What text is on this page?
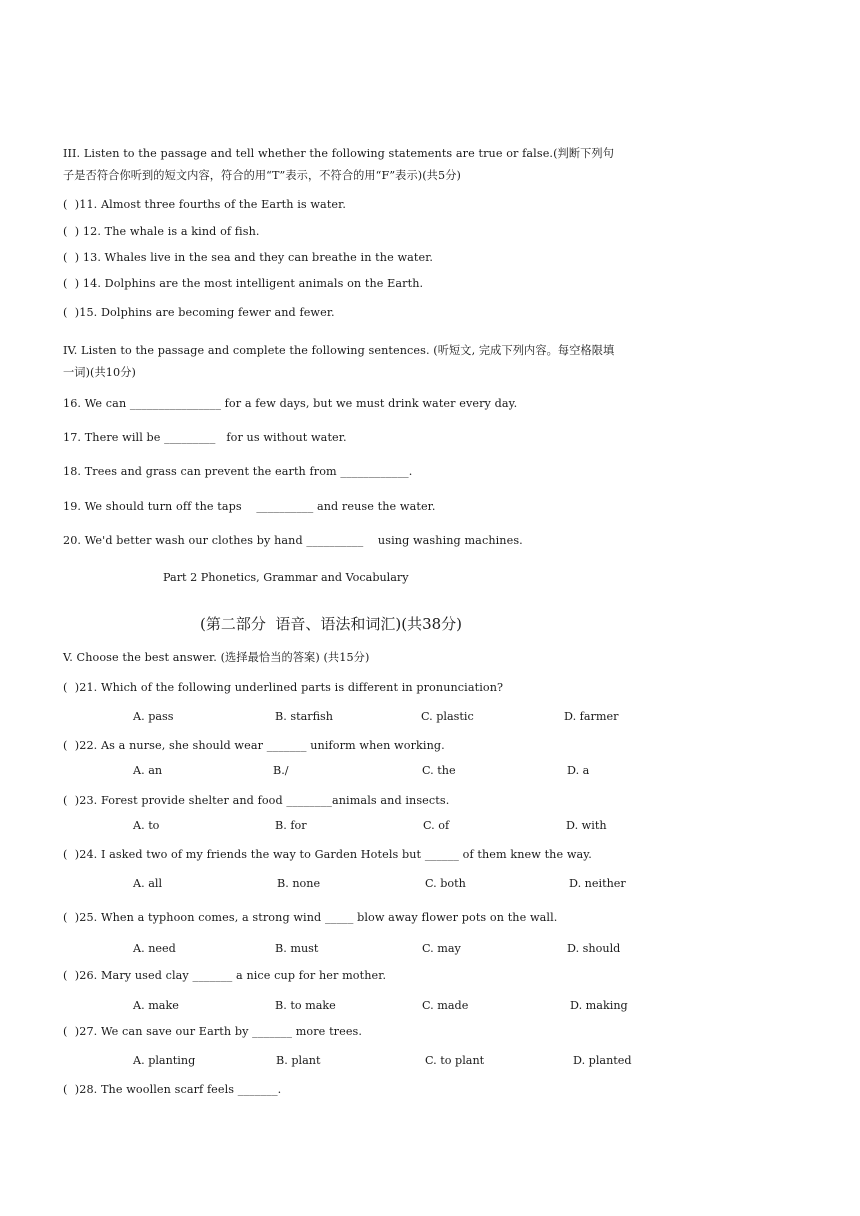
III. Listen to the passage and tell whether the following statements are true or false.(判断下列句
子是否符合你听到的短文内容，符合的用“T”表示，不符合的用“F”表示)(共5分)
(  )11. Almost three fourths of the Earth is water.
(  ) 12. The whale is a kind of fish.
(  ) 13. Whales live in the sea and they can breathe in the water.
(  ) 14. Dolphins are the most intelligent animals on the Earth.
(  )15. Dolphins are becoming fewer and fewer.
IV. Listen to the passage and complete the following sentences. (听短文, 完成下列内容。每空格限填
一词)(共10分)
16. We can ________________ for a few days, but we must drink water every day.
17. There will be _________   for us without water.
18. Trees and grass can prevent the earth from ____________.
19. We should turn off the taps    __________ and reuse the water.
20. We'd better wash our clothes by hand __________    using washing machines.
Part 2 Phonetics, Grammar and Vocabulary
(第二部分  语音、语法和词汇)(共38分)
V. Choose the best answer. (选择最恰当的答案) (共15分)
(  )21. Which of the following underlined parts is different in pronunciation?
A. pass	B. starfish	C. plastic	D. farmer
(  )22. As a nurse, she should wear _______ uniform when working.
A. an	B./	C. the	D. a
(  )23. Forest provide shelter and food ________animals and insects.
A. to	B. for	C. of	D. with
(  )24. I asked two of my friends the way to Garden Hotels but ______ of them knew the way.
A. all	B. none	C. both	D. neither
(  )25. When a typhoon comes, a strong wind _____ blow away flower pots on the wall.
A. need	B. must	C. may	D. should
(  )26. Mary used clay _______ a nice cup for her mother.
A. make	B. to make	C. made	D. making
(  )27. We can save our Earth by _______ more trees.
A. planting	B. plant	C. to plant	D. planted
(  )28. The woollen scarf feels _______.
